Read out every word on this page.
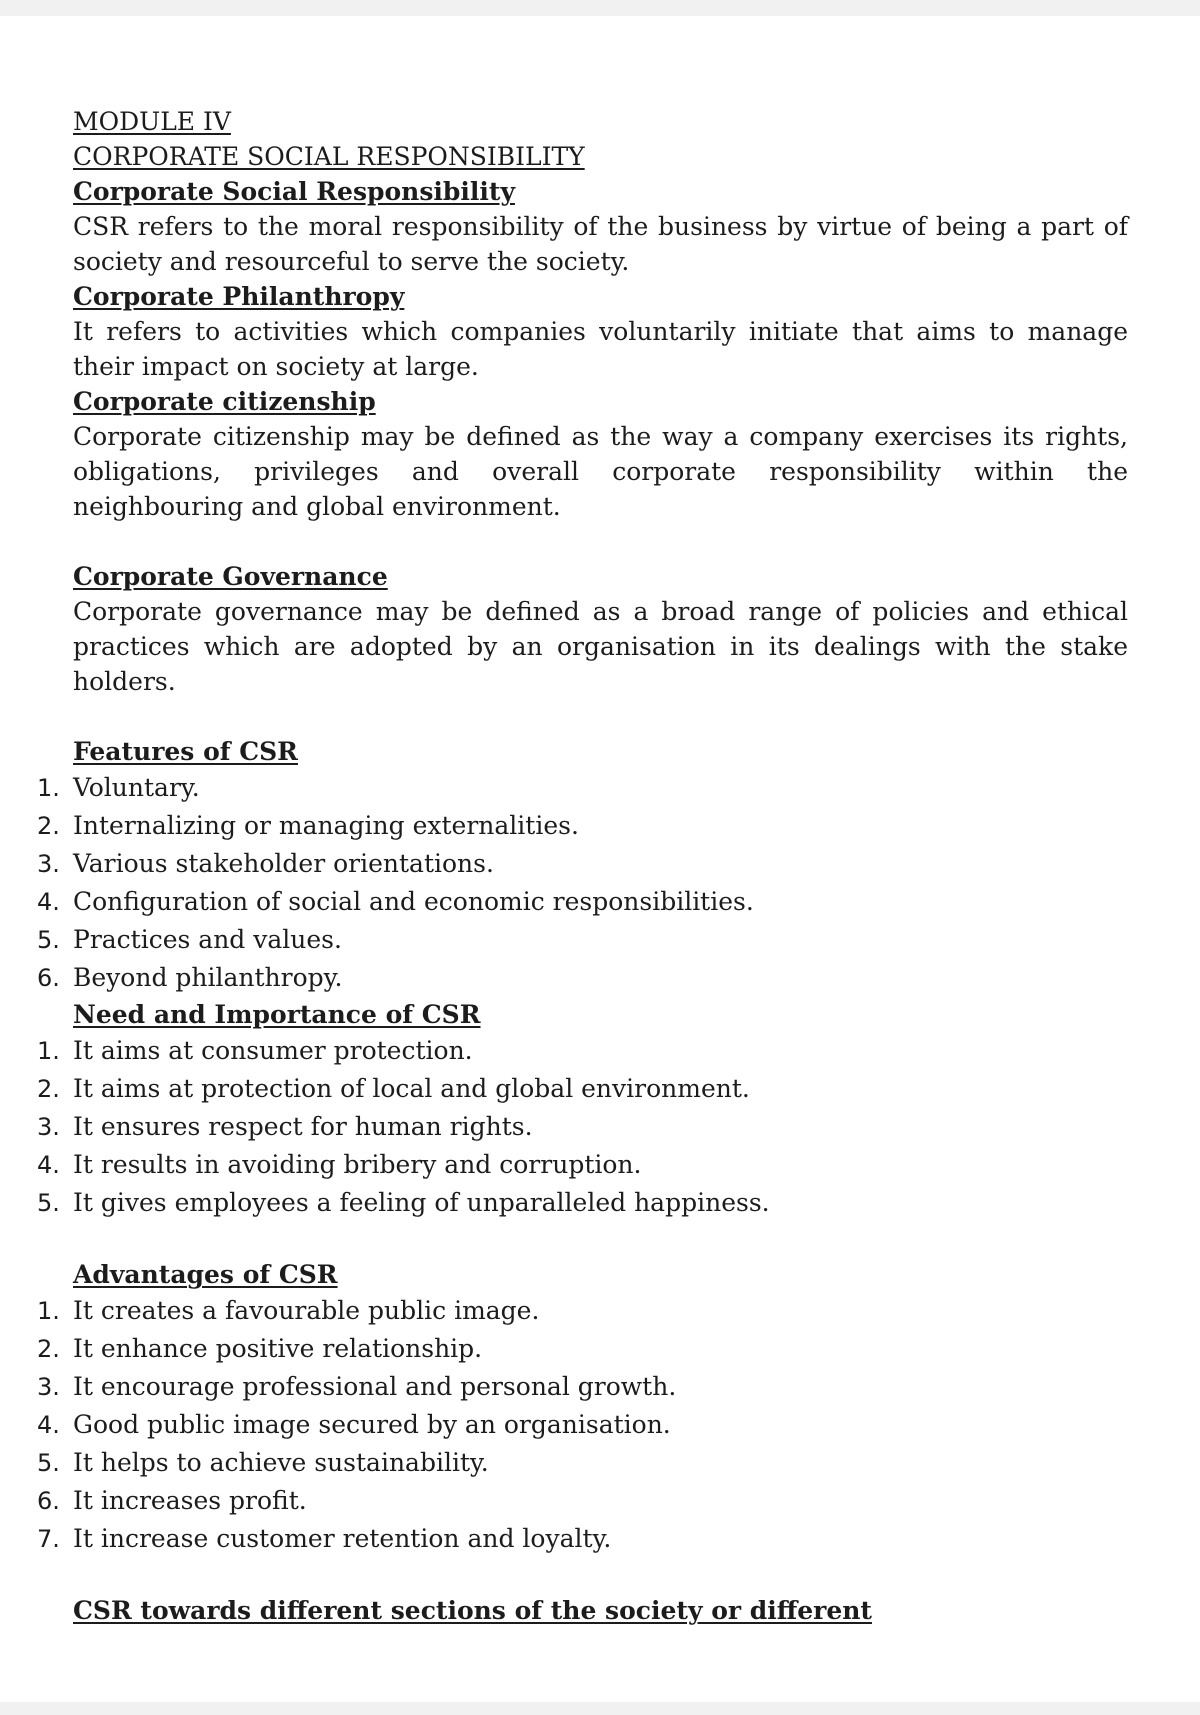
MODULE IV

CORPORATE SOCIAL RESPONSIBILITY

Corporate Social Responsibility

CSR refers to the moral responsibility of the business by virtue of being a part of society and resourceful to serve the society.

Corporate Philanthropy

It refers to activities which companies voluntarily initiate that aims to manage their impact on society at large.

Corporate citizenship

Corporate citizenship may be defined as the way a company exercises its rights, obligations, privileges and overall corporate responsibility within the neighbouring and global environment.

Corporate Governance

Corporate governance may be defined as a broad range of policies and ethical practices which are adopted by an organisation in its dealings with the stake holders.

Features of CSR

1. Voluntary.
2. Internalizing or managing externalities.
3. Various stakeholder orientations.
4. Configuration of social and economic responsibilities.
5. Practices and values.
6. Beyond philanthropy.

Need and Importance of CSR

1. It aims at consumer protection.
2. It aims at protection of local and global environment.
3. It ensures respect for human rights.
4. It results in avoiding bribery and corruption.
5. It gives employees a feeling of unparalleled happiness.

Advantages of CSR

1. It creates a favourable public image.
2. It enhance positive relationship.
3. It encourage professional and personal growth.
4. Good public image secured by an organisation.
5. It helps to achieve sustainability.
6. It increases profit.
7. It increase customer retention and loyalty.

CSR towards different sections of the society or different
